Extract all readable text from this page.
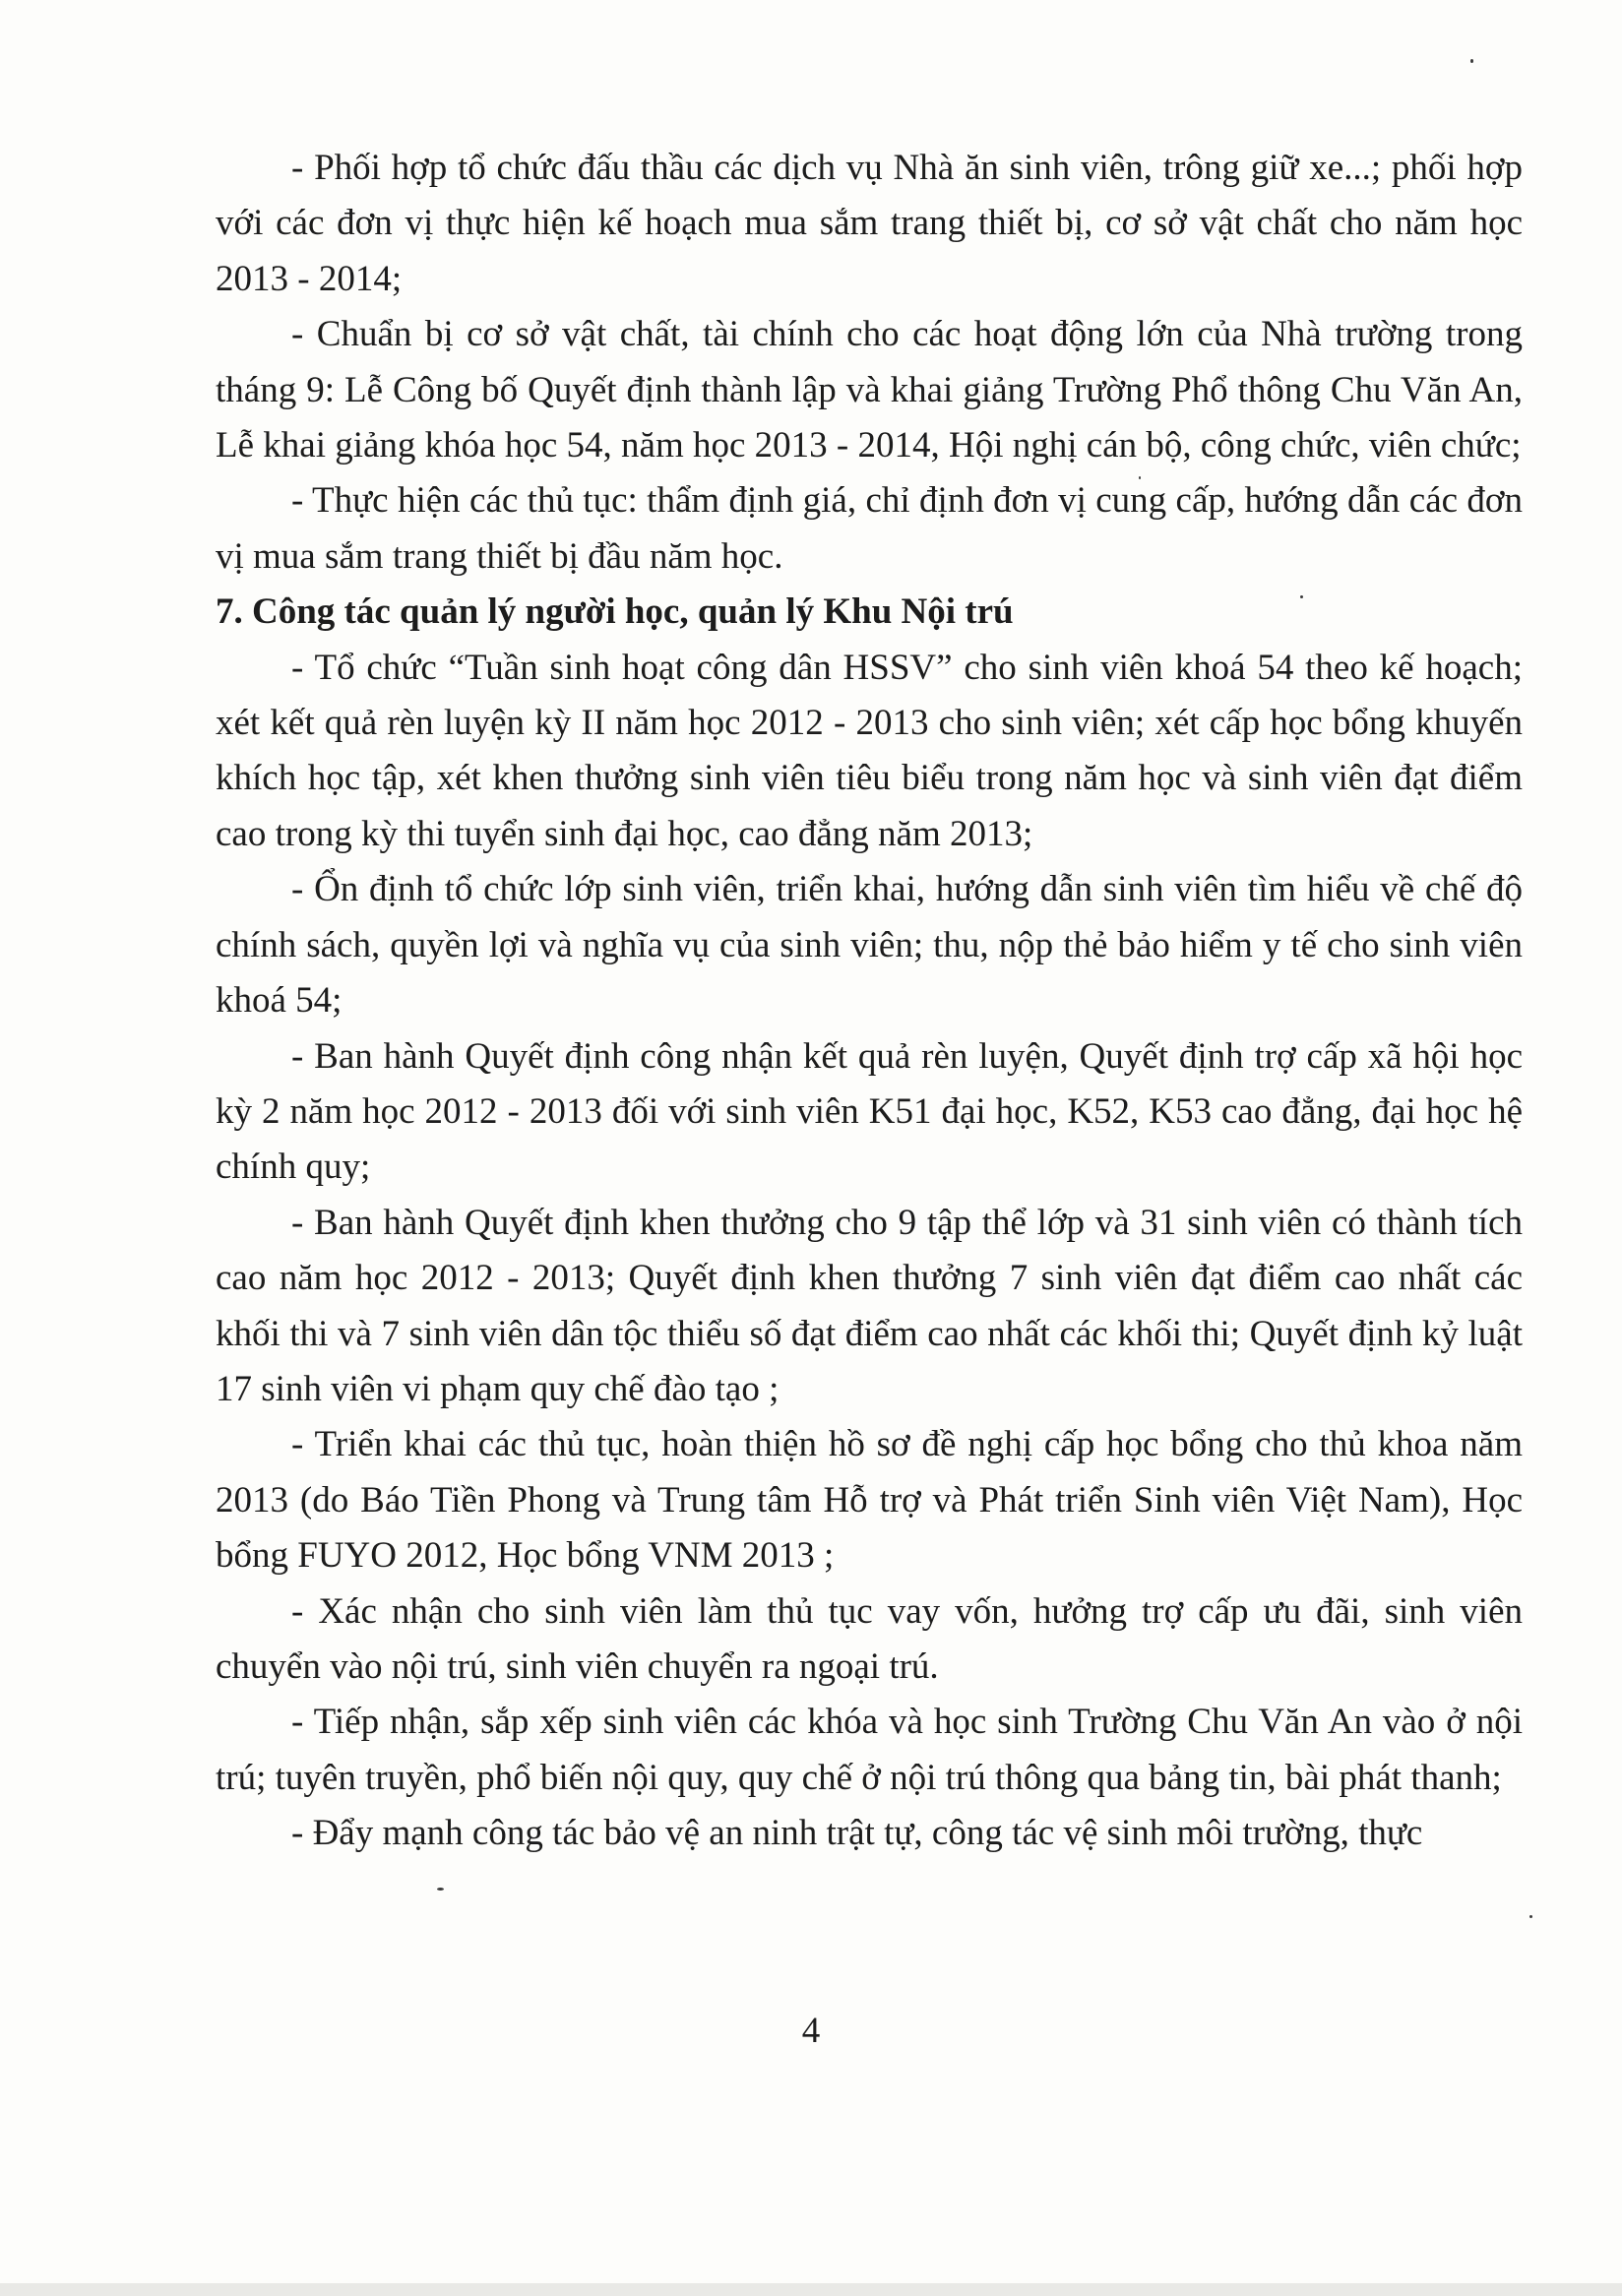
- Phối hợp tổ chức đấu thầu các dịch vụ Nhà ăn sinh viên, trông giữ xe...; phối hợp với các đơn vị thực hiện kế hoạch mua sắm trang thiết bị, cơ sở vật chất cho năm học 2013 - 2014;

- Chuẩn bị cơ sở vật chất, tài chính cho các hoạt động lớn của Nhà trường trong tháng 9: Lễ Công bố Quyết định thành lập và khai giảng Trường Phổ thông Chu Văn An, Lễ khai giảng khóa học 54, năm học 2013 - 2014, Hội nghị cán bộ, công chức, viên chức;

- Thực hiện các thủ tục: thẩm định giá, chỉ định đơn vị cung cấp, hướng dẫn các đơn vị mua sắm trang thiết bị đầu năm học.

7. Công tác quản lý người học, quản lý Khu Nội trú

- Tổ chức “Tuần sinh hoạt công dân HSSV” cho sinh viên khoá 54 theo kế hoạch; xét kết quả rèn luyện kỳ II năm học 2012 - 2013 cho sinh viên; xét cấp học bổng khuyến khích học tập, xét khen thưởng sinh viên tiêu biểu trong năm học và sinh viên đạt điểm cao trong kỳ thi tuyển sinh đại học, cao đẳng năm 2013;

- Ổn định tổ chức lớp sinh viên, triển khai, hướng dẫn sinh viên tìm hiểu về chế độ chính sách, quyền lợi và nghĩa vụ của sinh viên; thu, nộp thẻ bảo hiểm y tế cho sinh viên khoá 54;

- Ban hành Quyết định công nhận kết quả rèn luyện, Quyết định trợ cấp xã hội học kỳ 2 năm học 2012 - 2013 đối với sinh viên K51 đại học, K52, K53 cao đẳng, đại học hệ chính quy;

- Ban hành Quyết định khen thưởng cho 9 tập thể lớp và 31 sinh viên có thành tích cao năm học 2012 - 2013; Quyết định khen thưởng 7 sinh viên đạt điểm cao nhất các khối thi và 7 sinh viên dân tộc thiểu số đạt điểm cao nhất các khối thi; Quyết định kỷ luật 17 sinh viên vi phạm quy chế đào tạo ;

- Triển khai các thủ tục, hoàn thiện hồ sơ đề nghị cấp học bổng cho thủ khoa năm 2013 (do Báo Tiền Phong và Trung tâm Hỗ trợ và Phát triển Sinh viên Việt Nam), Học bổng FUYO 2012, Học bổng VNM 2013 ;

- Xác nhận cho sinh viên làm thủ tục vay vốn, hưởng trợ cấp ưu đãi, sinh viên chuyển vào nội trú, sinh viên chuyển ra ngoại trú.

- Tiếp nhận, sắp xếp sinh viên các khóa và học sinh Trường Chu Văn An vào ở nội trú; tuyên truyền, phổ biến nội quy, quy chế ở nội trú thông qua bảng tin, bài phát thanh;

- Đẩy mạnh công tác bảo vệ an ninh trật tự, công tác vệ sinh môi trường, thực

4
